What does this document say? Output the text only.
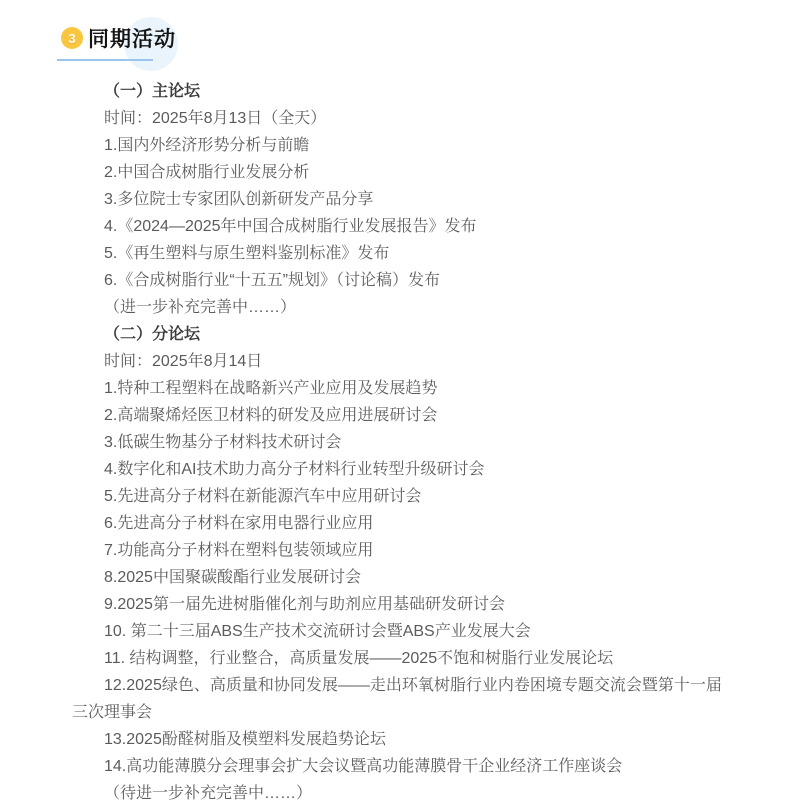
3 同期活动

（一）主论坛

时间：2025年8月13日（全天）

1.国内外经济形势分析与前瞻

2.中国合成树脂行业发展分析

3.多位院士专家团队创新研发产品分享

4.《2024—2025年中国合成树脂行业发展报告》发布

5.《再生塑料与原生塑料鉴别标准》发布

6.《合成树脂行业“十五五”规划》（讨论稿）发布

（进一步补充完善中……）

（二）分论坛

时间：2025年8月14日

1.特种工程塑料在战略新兴产业应用及发展趋势

2.高端聚烯烃医卫材料的研发及应用进展研讨会

3.低碳生物基分子材料技术研讨会

4.数字化和AI技术助力高分子材料行业转型升级研讨会

5.先进高分子材料在新能源汽车中应用研讨会

6.先进高分子材料在家用电器行业应用

7.功能高分子材料在塑料包装领域应用

8.2025中国聚碳酸酯行业发展研讨会

9.2025第一届先进树脂催化剂与助剂应用基础研发研讨会

10. 第二十三届ABS生产技术交流研讨会暨ABS产业发展大会

11. 结构调整，行业整合，高质量发展——2025不饱和树脂行业发展论坛

12.2025绿色、高质量和协同发展——走出环氧树脂行业内卷困境专题交流会暨第十一届三次理事会

13.2025酚醛树脂及模塑料发展趋势论坛

14.高功能薄膜分会理事会扩大会议暨高功能薄膜骨干企业经济工作座谈会

（待进一步补充完善中……）
